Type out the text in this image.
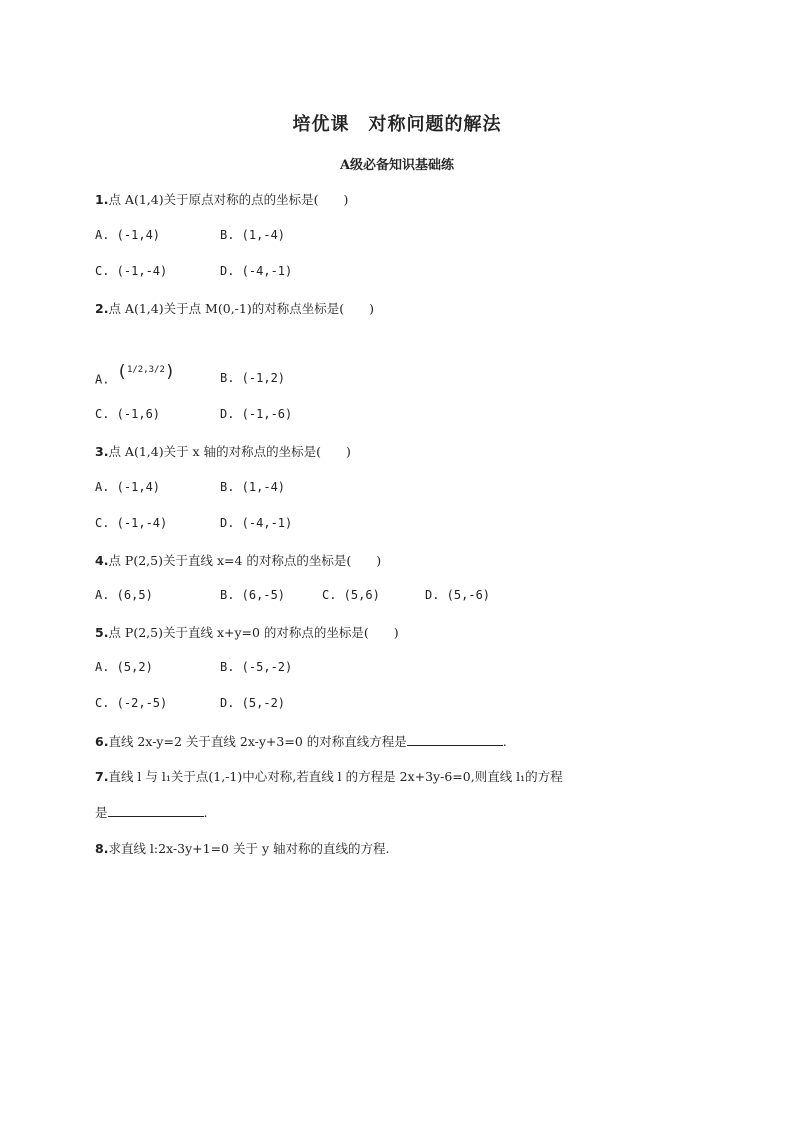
培优课　对称问题的解法
A级必备知识基础练
1.点 A(1,4)关于原点对称的点的坐标是(　　)
A. (-1,4)	B. (1,-4)
C. (-1,-4)	D. (-4,-1)
2.点 A(1,4)关于点 M(0,-1)的对称点坐标是(　　)
A. (1/2,3/2)	B. (-1,2)
C. (-1,6)	D. (-1,-6)
3.点 A(1,4)关于 x 轴的对称点的坐标是(　　)
A. (-1,4)	B. (1,-4)
C. (-1,-4)	D. (-4,-1)
4.点 P(2,5)关于直线 x=4 的对称点的坐标是(　　)
A. (6,5)	B. (6,-5)	C. (5,6)	D. (5,-6)
5.点 P(2,5)关于直线 x+y=0 的对称点的坐标是(　　)
A. (5,2)	B. (-5,-2)
C. (-2,-5)	D. (5,-2)
6.直线 2x-y=2 关于直线 2x-y+3=0 的对称直线方程是	.
7.直线 l 与 l₁关于点(1,-1)中心对称,若直线 l 的方程是 2x+3y-6=0,则直线 l₁的方程
是	.
8.求直线 l:2x-3y+1=0 关于 y 轴对称的直线的方程.
